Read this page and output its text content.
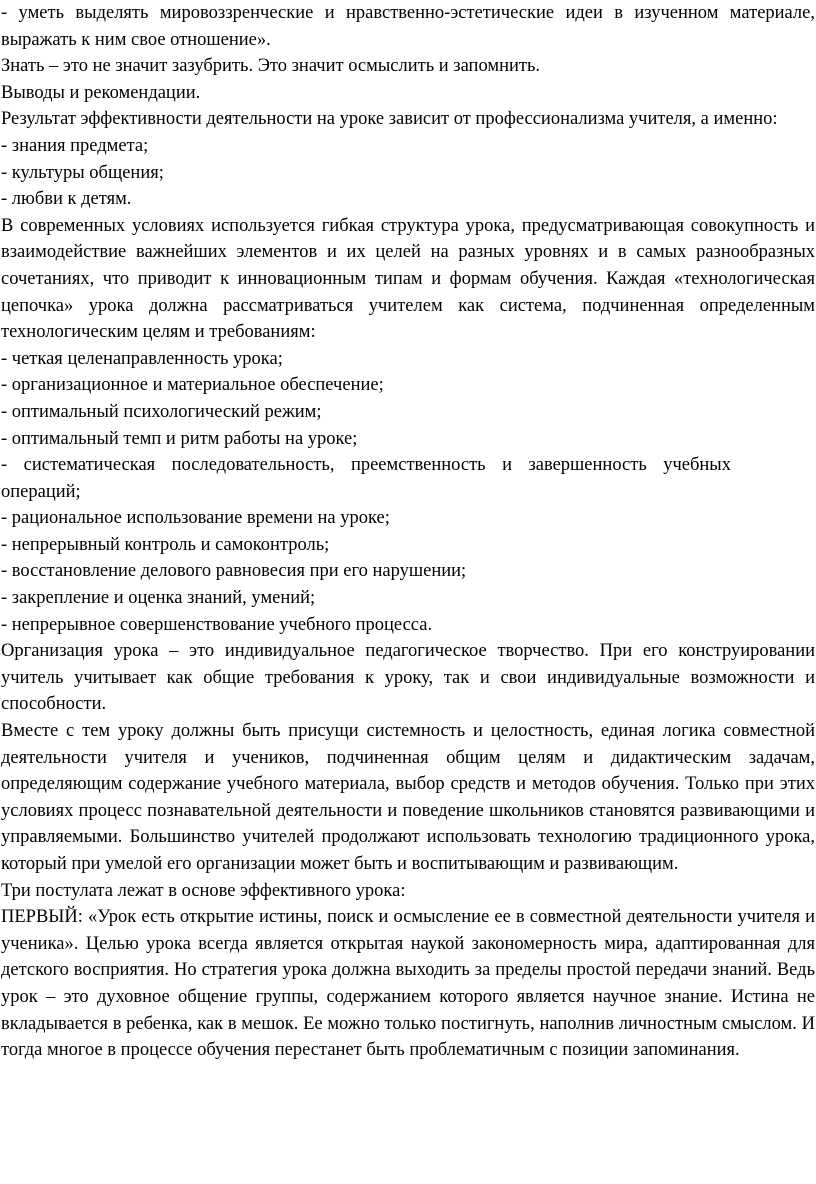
- уметь выделять мировоззренческие и нравственно-эстетические идеи в изученном материале, выражать к ним свое отношение».

Знать – это не значит зазубрить. Это значит осмыслить и запомнить.

Выводы и рекомендации.

Результат эффективности деятельности на уроке зависит от профессионализма учителя, а именно:

- знания предмета;

- культуры общения;

- любви к детям.

В современных условиях используется гибкая структура урока, предусматривающая совокупность и взаимодействие важнейших элементов и их целей на разных уровнях и в самых разнообразных сочетаниях, что приводит к инновационным типам и формам обучения. Каждая «технологическая цепочка» урока должна рассматриваться учителем как система, подчиненная определенным технологическим целям и требованиям:

- четкая целенаправленность урока;

- организационное и материальное обеспечение;

- оптимальный психологический режим;

- оптимальный темп и ритм работы на уроке;

- систематическая последовательность, преемственность и завершенность учебных операций;

- рациональное использование времени на уроке;

- непрерывный контроль и самоконтроль;

- восстановление делового равновесия при его нарушении;

- закрепление и оценка знаний, умений;

- непрерывное совершенствование учебного процесса.

Организация урока – это индивидуальное педагогическое творчество. При его конструировании учитель учитывает как общие требования к уроку, так и свои индивидуальные возможности и способности.

Вместе с тем уроку должны быть присущи системность и целостность, единая логика совместной деятельности учителя и учеников, подчиненная общим целям и дидактическим задачам, определяющим содержание учебного материала, выбор средств и методов обучения. Только при этих условиях процесс познавательной деятельности и поведение школьников становятся развивающими и управляемыми. Большинство учителей продолжают использовать технологию традиционного урока, который при умелой его организации может быть и воспитывающим и развивающим.

Три постулата лежат в основе эффективного урока:

ПЕРВЫЙ: «Урок есть открытие истины, поиск и осмысление ее в совместной деятельности учителя и ученика». Целью урока всегда является открытая наукой закономерность мира, адаптированная для детского восприятия. Но стратегия урока должна выходить за пределы простой передачи знаний. Ведь урок – это духовное общение группы, содержанием которого является научное знание. Истина не вкладывается в ребенка, как в мешок. Ее можно только постигнуть, наполнив личностным смыслом. И тогда многое в процессе обучения перестанет быть проблематичным с позиции запоминания.
